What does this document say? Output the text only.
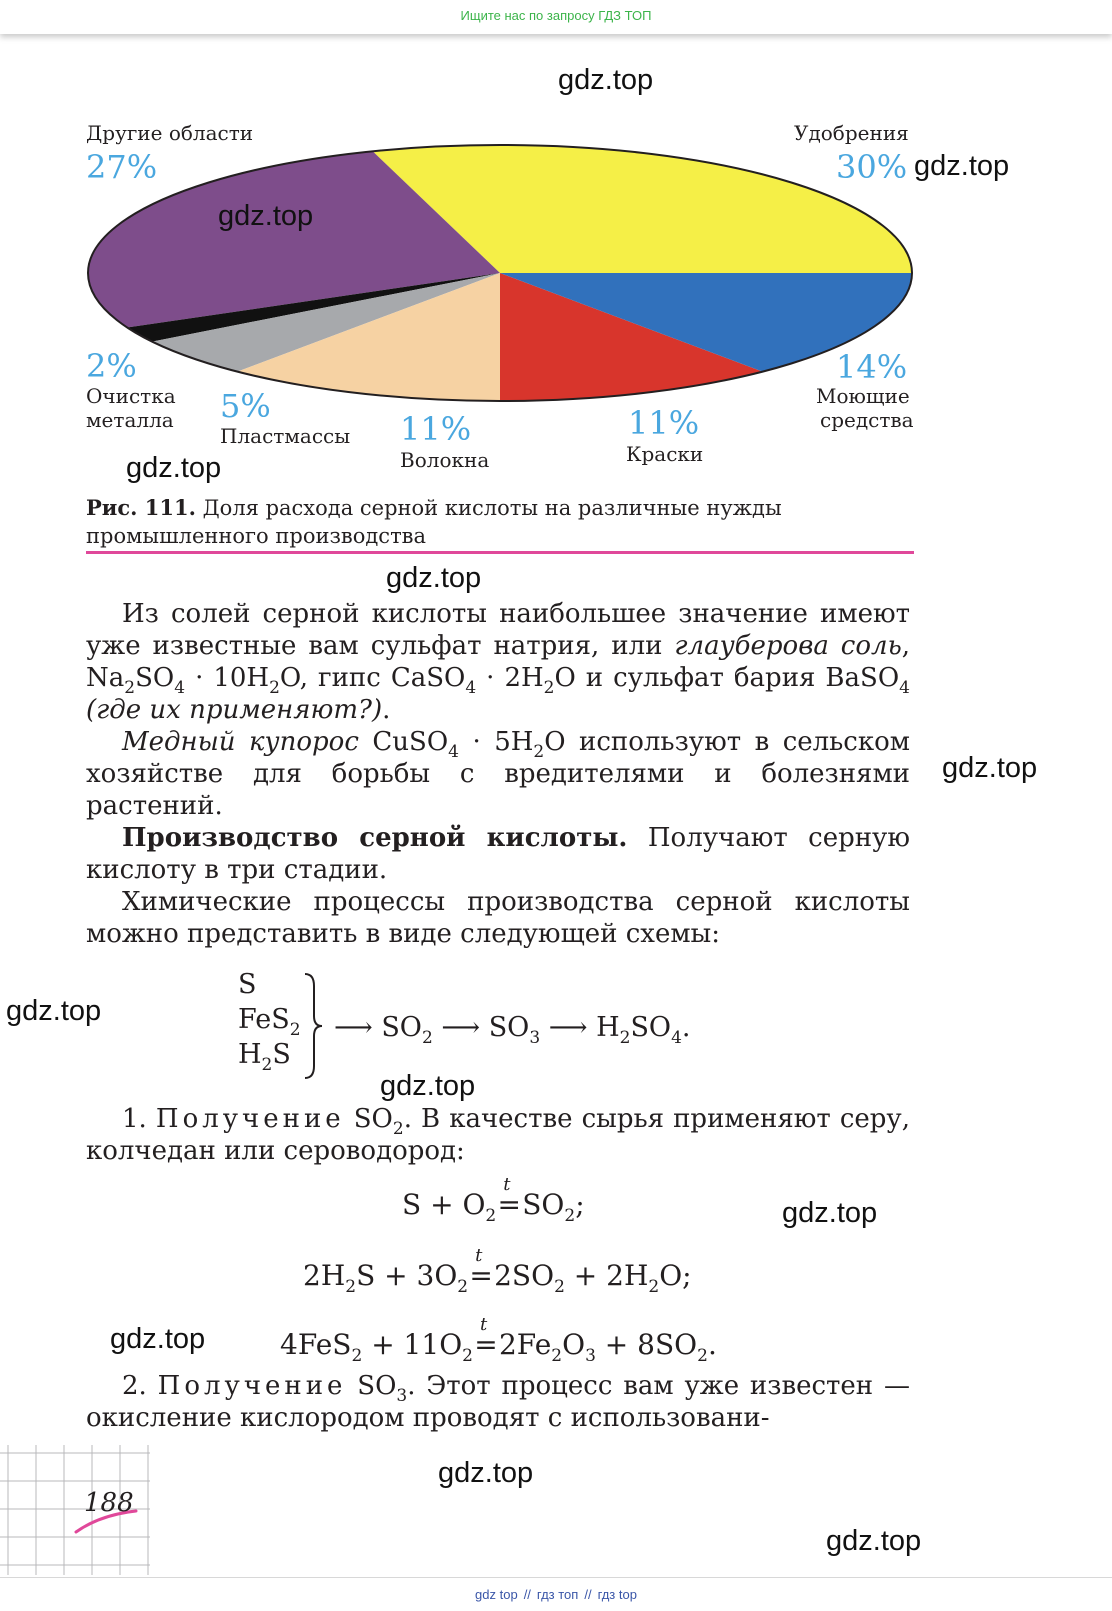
Ищите нас по запросу ГДЗ ТОП
Другие области
27%
Удобрения
30%
14%
Моющие
средства
11%
Краски
11%
Волокна
5%
Пластмассы
2%
Очистка
металла
Рис. 111. Доля расхода серной кислоты на различные нужды промышленного производства
Из солей серной кислоты наибольшее значение имеют уже известные вам сульфат натрия, или глауберова соль, $Na_2SO_4 \cdot 10H_2O$, гипс CaSO$_4$ · $2H_2O$ и сульфат бария BaSO$_4$ (где их применяют?).
Медный купорос CuSO$_4$ · $5H_2O$ используют в сельском хозяйстве для борьбы с вредителями и болезнями растений.
Производство серной кислоты. Получают серную кислоту в три стадии.
Химические процессы производства серной кислоты можно представить в виде следующей схемы:
S
FeS$_2$
$H_2S$
⟶ $SO_2$ ⟶ $SO_3$ ⟶ $H_2SO_4$.
1. Получение $SO_2$. В качестве сырья применяют серу, колчедан или сероводород:
$S + O_2$
t
$=SO_2$;
$2H_2S + 3O_2$
t
$=2SO_2 + 2H_2O$;
$4FeS_2 + 11O_2$
t
$=2Fe_2O_3 + 8SO_2$.
2. Получение $SO_3$. Этот процесс вам уже известен — окисление кислородом проводят с использовани-
188
gdz.top
gdz.top
gdz.top
gdz.top
gdz.top
gdz.top
gdz.top
gdz.top
gdz.top
gdz.top
gdz.top
gdz.top
gdz top // гдз топ // гдз top
